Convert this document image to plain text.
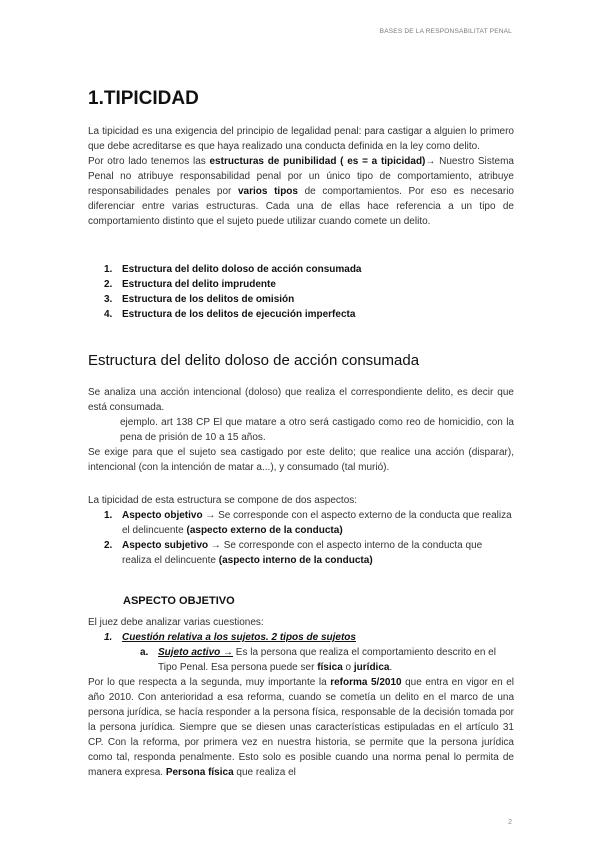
BASES DE LA RESPONSABILITAT PENAL
1.TIPICIDAD

La tipicidad es una exigencia del principio de legalidad penal: para castigar a alguien lo primero que debe acreditarse es que haya realizado una conducta definida en la ley como delito.

Por otro lado tenemos las estructuras de punibilidad ( es = a tipicidad)→ Nuestro Sistema Penal no atribuye responsabilidad penal por un único tipo de comportamiento, atribuye responsabilidades penales por varios tipos de comportamientos. Por eso es necesario diferenciar entre varias estructuras. Cada una de ellas hace referencia a un tipo de comportamiento distinto que el sujeto puede utilizar cuando comete un delito.

1. Estructura del delito doloso de acción consumada
2. Estructura del delito imprudente
3. Estructura de los delitos de omisión
4. Estructura de los delitos de ejecución imperfecta
Estructura del delito doloso de acción consumada
Se analiza una acción intencional (doloso) que realiza el correspondiente delito, es decir que está consumada.
ejemplo. art 138 CP El que matare a otro será castigado como reo de homicidio, con la pena de prisión de 10 a 15 años.
Se exige para que el sujeto sea castigado por este delito; que realice una acción (disparar), intencional (con la intención de matar a...), y consumado (tal murió).
La tipicidad de esta estructura se compone de dos aspectos:
1. Aspecto objetivo → Se corresponde con el aspecto externo de la conducta que realiza el delincuente (aspecto externo de la conducta)
2. Aspecto subjetivo → Se corresponde con el aspecto interno de la conducta que realiza el delincuente (aspecto interno de la conducta)
ASPECTO OBJETIVO
El juez debe analizar varias cuestiones:
1. Cuestión relativa a los sujetos. 2 tipos de sujetos
a. Sujeto activo → Es la persona que realiza el comportamiento descrito en el Tipo Penal. Esa persona puede ser física o jurídica.
Por lo que respecta a la segunda, muy importante la reforma 5/2010 que entra en vigor en el año 2010. Con anterioridad a esa reforma, cuando se cometía un delito en el marco de una persona jurídica, se hacía responder a la persona física, responsable de la decisión tomada por la persona jurídica. Siempre que se diesen unas características estipuladas en el artículo 31 CP. Con la reforma, por primera vez en nuestra historia, se permite que la persona jurídica como tal, responda penalmente. Esto solo es posible cuando una norma penal lo permita de manera expresa. Persona física que realiza el
2
